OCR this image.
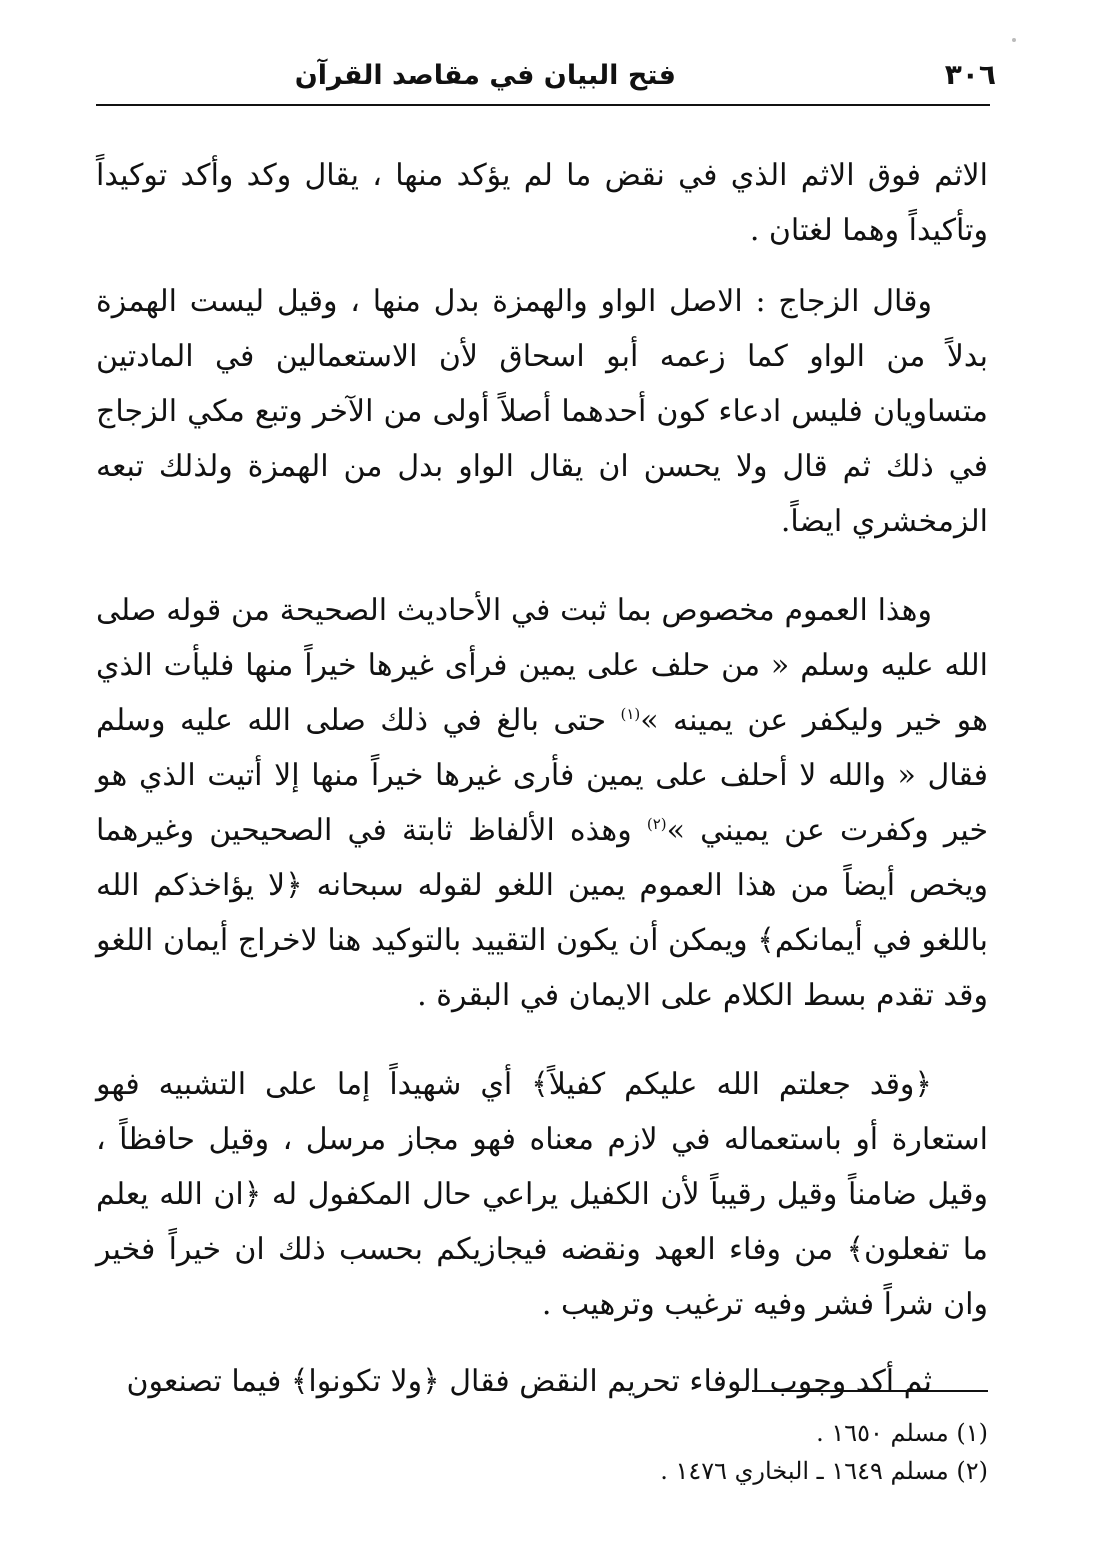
٣٠٦
فتح البيان في مقاصد القرآن

الاثم فوق الاثم الذي في نقض ما لم يؤكد منها ، يقال وكد وأكد توكيداً وتأكيداً وهما لغتان .

وقال الزجاج : الاصل الواو والهمزة بدل منها ، وقيل ليست الهمزة بدلاً من الواو كما زعمه أبو اسحاق لأن الاستعمالين في المادتين متساويان فليس ادعاء كون أحدهما أصلاً أولى من الآخر وتبع مكي الزجاج في ذلك ثم قال ولا يحسن ان يقال الواو بدل من الهمزة ولذلك تبعه الزمخشري ايضاً.

وهذا العموم مخصوص بما ثبت في الأحاديث الصحيحة من قوله صلى الله عليه وسلم « من حلف على يمين فرأى غيرها خيراً منها فليأت الذي هو خير وليكفر عن يمينه »$^{(١)}$ حتى بالغ في ذلك صلى الله عليه وسلم فقال « والله لا أحلف على يمين فأرى غيرها خيراً منها إلا أتيت الذي هو خير وكفرت عن يميني »$^{(٢)}$ وهذه الألفاظ ثابتة في الصحيحين وغيرهما ويخص أيضاً من هذا العموم يمين اللغو لقوله سبحانه ﴿لا يؤاخذكم الله باللغو في أيمانكم﴾ ويمكن أن يكون التقييد بالتوكيد هنا لاخراج أيمان اللغو وقد تقدم بسط الكلام على الايمان في البقرة .

﴿وقد جعلتم الله عليكم كفيلاً﴾ أي شهيداً إما على التشبيه فهو استعارة أو باستعماله في لازم معناه فهو مجاز مرسل ، وقيل حافظاً ، وقيل ضامناً وقيل رقيباً لأن الكفيل يراعي حال المكفول له ﴿ان الله يعلم ما تفعلون﴾ من وفاء العهد ونقضه فيجازيكم بحسب ذلك ان خيراً فخير وان شراً فشر وفيه ترغيب وترهيب .

ثم أكد وجوب الوفاء تحريم النقض فقال ﴿ولا تكونوا﴾ فيما تصنعون

(١) مسلم ١٦٥٠ .

(٢) مسلم ١٦٤٩ ـ البخاري ١٤٧٦ .
